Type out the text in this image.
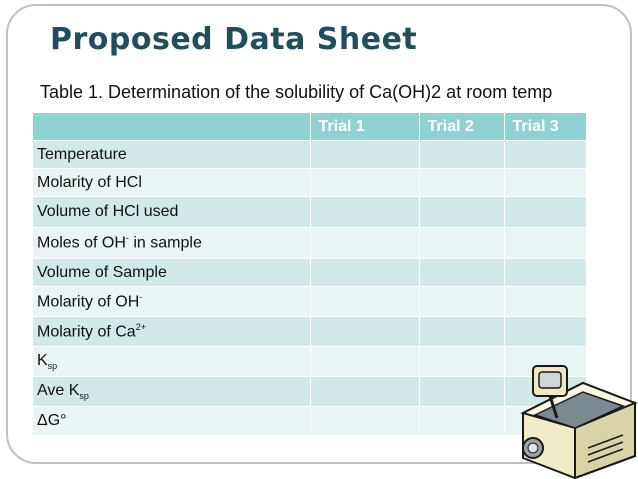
Proposed Data Sheet
Table 1. Determination of the solubility of Ca(OH)2 at room temp
	Trial 1	Trial 2	Trial 3
Temperature			
Molarity of HCl			
Volume of HCl used			
Moles of OH- in sample			
Volume of Sample			
Molarity of OH-			
Molarity of $Ca^{2+}$			
$K_{sp}$			
Ave $K_{sp}$			
ΔG°			
